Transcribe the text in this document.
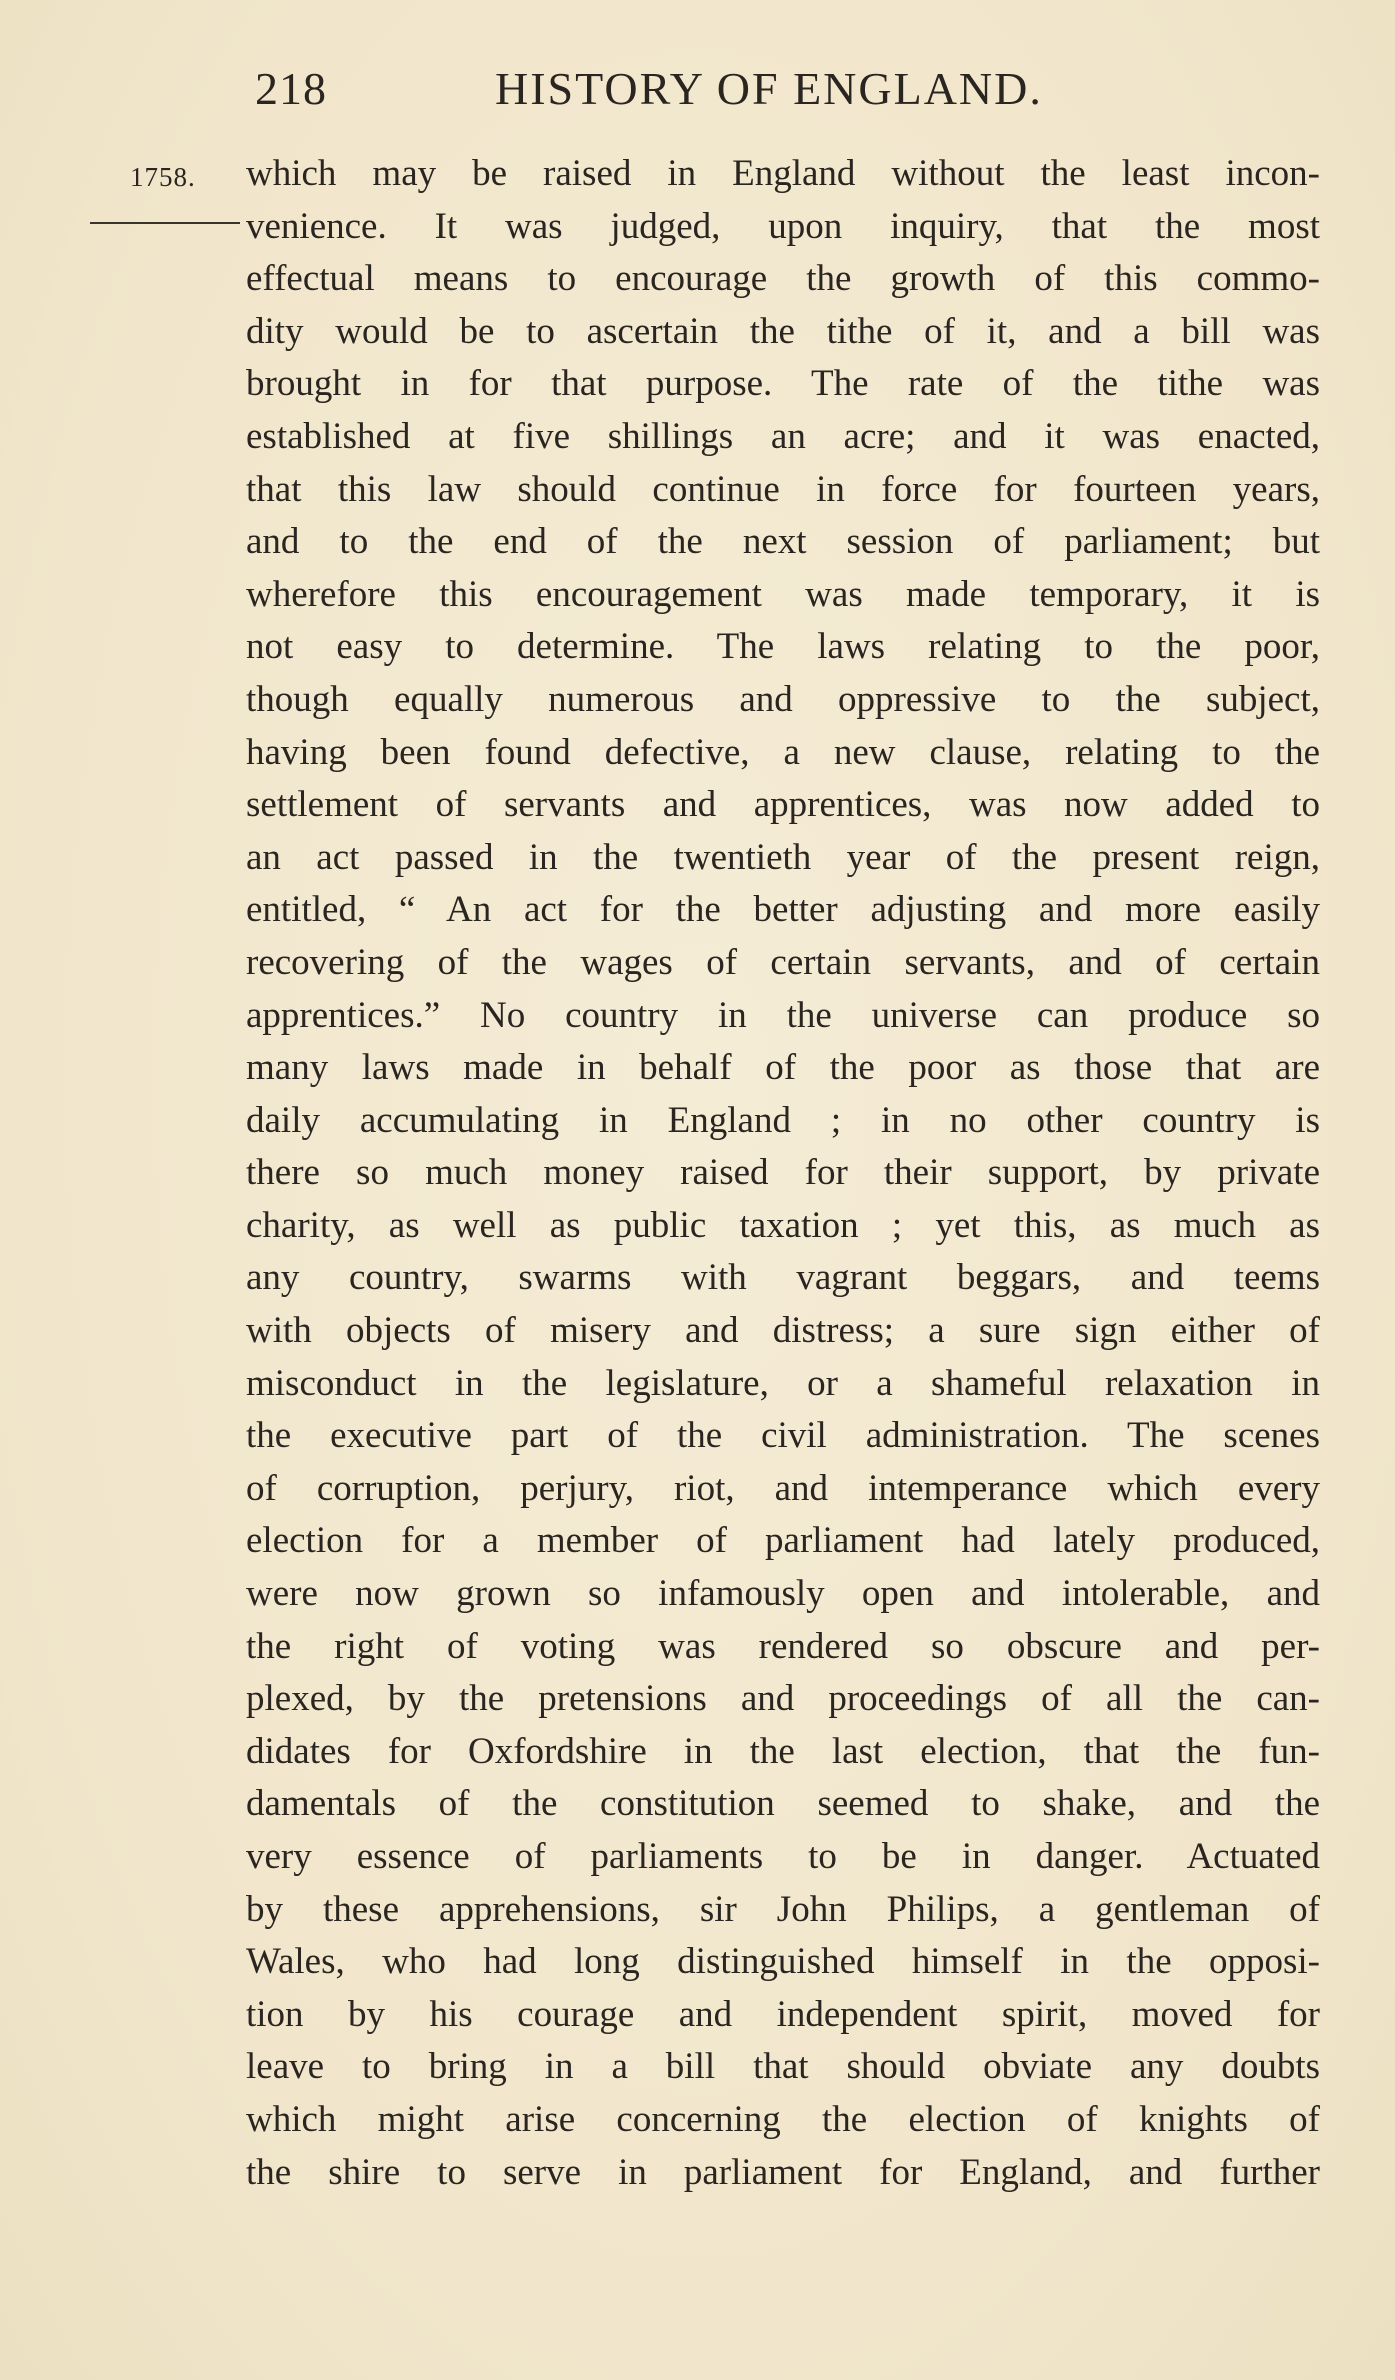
218	HISTORY OF ENGLAND.
1758. which may be raised in England without the least incon-
venience. It was judged, upon inquiry, that the most
effectual means to encourage the growth of this commo-
dity would be to ascertain the tithe of it, and a bill was
brought in for that purpose. The rate of the tithe was
established at five shillings an acre; and it was enacted,
that this law should continue in force for fourteen years,
and to the end of the next session of parliament; but
wherefore this encouragement was made temporary, it is
not easy to determine. The laws relating to the poor,
though equally numerous and oppressive to the subject,
having been found defective, a new clause, relating to the
settlement of servants and apprentices, was now added to
an act passed in the twentieth year of the present reign,
entitled, “ An act for the better adjusting and more easily
recovering of the wages of certain servants, and of certain
apprentices.” No country in the universe can produce so
many laws made in behalf of the poor as those that are
daily accumulating in England ; in no other country is
there so much money raised for their support, by private
charity, as well as public taxation ; yet this, as much as
any country, swarms with vagrant beggars, and teems
with objects of misery and distress; a sure sign either of
misconduct in the legislature, or a shameful relaxation in
the executive part of the civil administration. The scenes
of corruption, perjury, riot, and intemperance which every
election for a member of parliament had lately produced,
were now grown so infamously open and intolerable, and
the right of voting was rendered so obscure and per-
plexed, by the pretensions and proceedings of all the can-
didates for Oxfordshire in the last election, that the fun-
damentals of the constitution seemed to shake, and the
very essence of parliaments to be in danger. Actuated
by these apprehensions, sir John Philips, a gentleman of
Wales, who had long distinguished himself in the opposi-
tion by his courage and independent spirit, moved for
leave to bring in a bill that should obviate any doubts
which might arise concerning the election of knights of
the shire to serve in parliament for England, and further
